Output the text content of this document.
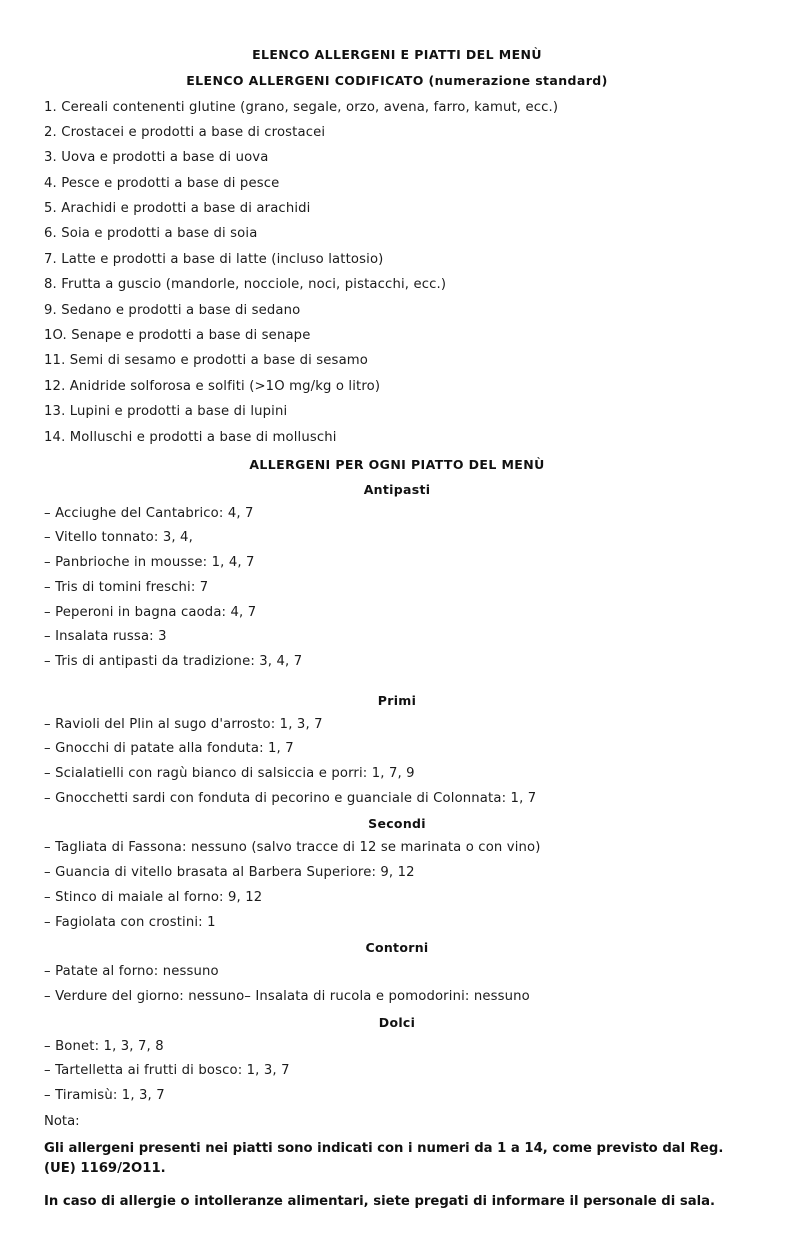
ELENCO ALLERGENI E PIATTI DEL MENÙ
ELENCO ALLERGENI CODIFICATO (numerazione standard)
1. Cereali contenenti glutine (grano, segale, orzo, avena, farro, kamut, ecc.)
2. Crostacei e prodotti a base di crostacei
3. Uova e prodotti a base di uova
4. Pesce e prodotti a base di pesce
5. Arachidi e prodotti a base di arachidi
6. Soia e prodotti a base di soia
7. Latte e prodotti a base di latte (incluso lattosio)
8. Frutta a guscio (mandorle, nocciole, noci, pistacchi, ecc.)
9. Sedano e prodotti a base di sedano
1O. Senape e prodotti a base di senape
11. Semi di sesamo e prodotti a base di sesamo
12. Anidride solforosa e solfiti (>1O mg/kg o litro)
13. Lupini e prodotti a base di lupini
14. Molluschi e prodotti a base di molluschi
ALLERGENI PER OGNI PIATTO DEL MENÙ
Antipasti
– Acciughe del Cantabrico: 4, 7
– Vitello tonnato: 3, 4,
– Panbrioche in mousse: 1, 4, 7
– Tris di tomini freschi: 7
– Peperoni in bagna caoda: 4, 7
– Insalata russa: 3
– Tris di antipasti da tradizione: 3, 4, 7
Primi
– Ravioli del Plin al sugo d'arrosto: 1, 3, 7
– Gnocchi di patate alla fonduta: 1, 7
– Scialatielli con ragù bianco di salsiccia e porri: 1, 7, 9
– Gnocchetti sardi con fonduta di pecorino e guanciale di Colonnata: 1, 7
Secondi
– Tagliata di Fassona: nessuno (salvo tracce di 12 se marinata o con vino)
– Guancia di vitello brasata al Barbera Superiore: 9, 12
– Stinco di maiale al forno: 9, 12
– Fagiolata con crostini: 1
Contorni
– Patate al forno: nessuno
– Verdure del giorno: nessuno– Insalata di rucola e pomodorini: nessuno
Dolci
– Bonet: 1, 3, 7, 8
– Tartelletta ai frutti di bosco: 1, 3, 7
– Tiramisù: 1, 3, 7
Nota:
Gli allergeni presenti nei piatti sono indicati con i numeri da 1 a 14, come previsto dal Reg. (UE) 1169/2O11.
In caso di allergie o intolleranze alimentari, siete pregati di informare il personale di sala.
